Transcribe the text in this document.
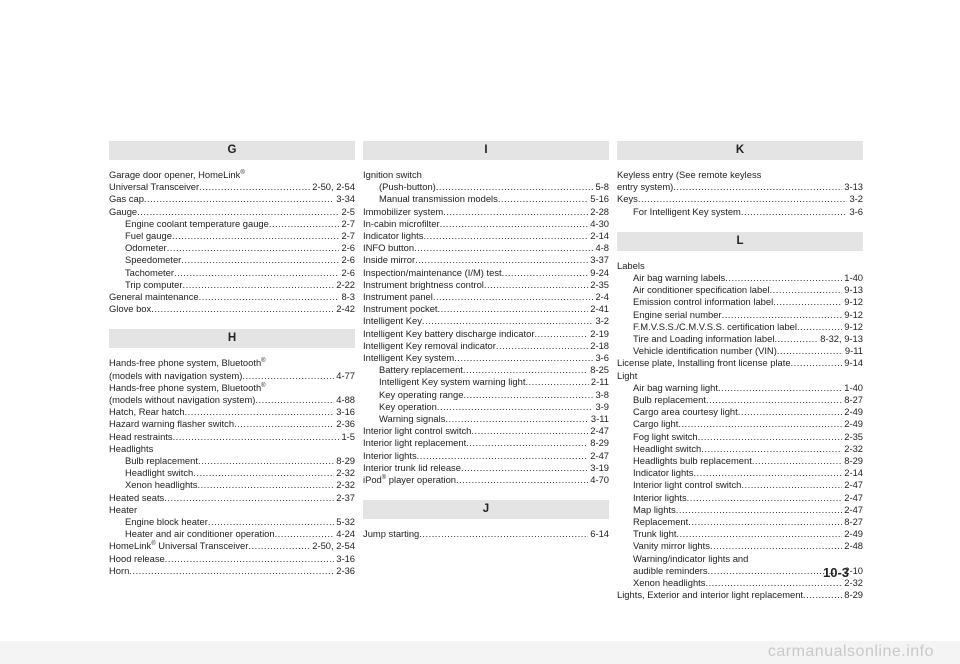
G
Garage door opener, HomeLink®
Universal Transceiver .....	2-50, 2-54
Gas cap .....	3-34
Gauge .....	2-5
Engine coolant temperature gauge .....	2-7
Fuel gauge .....	2-7
Odometer .....	2-6
Speedometer .....	2-6
Tachometer .....	2-6
Trip computer .....	2-22
General maintenance .....	8-3
Glove box .....	2-42
H
Hands-free phone system, Bluetooth®
(models with navigation system) .....	4-77
Hands-free phone system, Bluetooth®
(models without navigation system) .....	4-88
Hatch, Rear hatch .....	3-16
Hazard warning flasher switch .....	2-36
Head restraints .....	1-5
Headlights
Bulb replacement .....	8-29
Headlight switch .....	2-32
Xenon headlights .....	2-32
Heated seats .....	2-37
Heater
Engine block heater .....	5-32
Heater and air conditioner operation .....	4-24
HomeLink® Universal Transceiver .....	2-50, 2-54
Hood release .....	3-16
Horn .....	2-36
I
Ignition switch
(Push-button) .....	5-8
Manual transmission models .....	5-16
Immobilizer system .....	2-28
In-cabin microfilter .....	4-30
Indicator lights .....	2-14
INFO button .....	4-8
Inside mirror .....	3-37
Inspection/maintenance (I/M) test .....	9-24
Instrument brightness control .....	2-35
Instrument panel .....	2-4
Instrument pocket .....	2-41
Intelligent Key .....	3-2
Intelligent Key battery discharge indicator .....	2-19
Intelligent Key removal indicator .....	2-18
Intelligent Key system .....	3-6
Battery replacement .....	8-25
Intelligent Key system warning light .....	2-11
Key operating range .....	3-8
Key operation .....	3-9
Warning signals .....	3-11
Interior light control switch .....	2-47
Interior light replacement .....	8-29
Interior lights .....	2-47
Interior trunk lid release .....	3-19
iPod® player operation .....	4-70
J
Jump starting .....	6-14
K
Keyless entry (See remote keyless
entry system) .....	3-13
Keys .....	3-2
For Intelligent Key system .....	3-6
L
Labels
Air bag warning labels .....	1-40
Air conditioner specification label .....	9-13
Emission control information label .....	9-12
Engine serial number .....	9-12
F.M.V.S.S./C.M.V.S.S. certification label .....	9-12
Tire and Loading information label .....	8-32, 9-13
Vehicle identification number (VIN) .....	9-11
License plate, Installing front license plate .....	9-14
Light
Air bag warning light .....	1-40
Bulb replacement .....	8-27
Cargo area courtesy light .....	2-49
Cargo light .....	2-49
Fog light switch .....	2-35
Headlight switch .....	2-32
Headlights bulb replacement .....	8-29
Indicator lights .....	2-14
Interior light control switch .....	2-47
Interior lights .....	2-47
Map lights .....	2-47
Replacement .....	8-27
Trunk light .....	2-49
Vanity mirror lights .....	2-48
Warning/indicator lights and
audible reminders .....	2-10
Xenon headlights .....	2-32
Lights, Exterior and interior light replacement .....	8-29
10-3
carmanualsonline.info
